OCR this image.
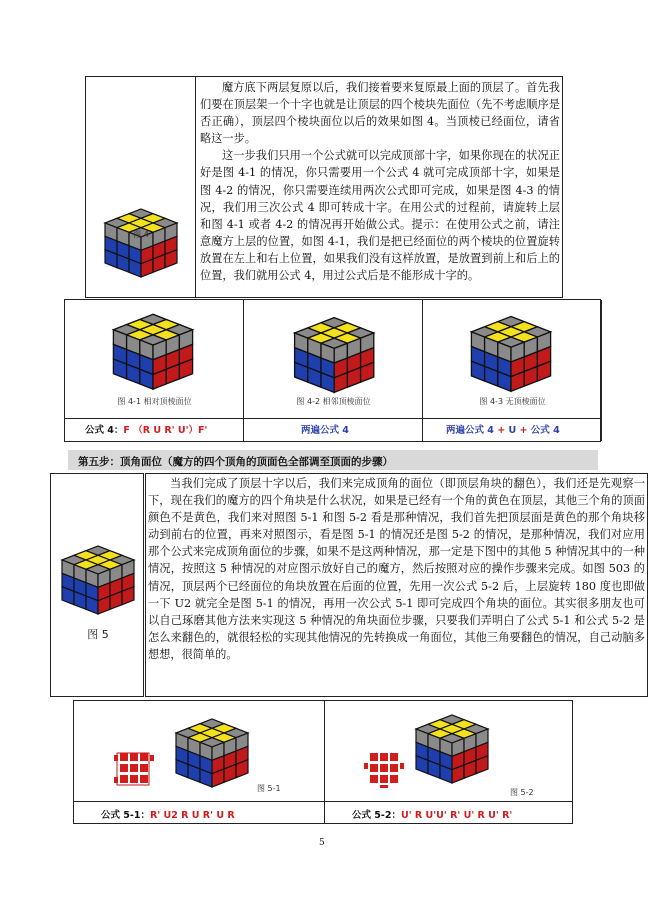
图 4

魔方底下两层复原以后，我们接着要来复原最上面的顶层了。首先我们要在顶层架一个十字也就是让顶层的四个棱块先面位（先不考虑顺序是否正确），顶层四个棱块面位以后的效果如图 4。当顶棱已经面位，请省略这一步。

这一步我们只用一个公式就可以完成顶部十字，如果你现在的状况正好是图 4-1 的情况，你只需要用一个公式 4 就可完成顶部十字，如果是图 4-2 的情况，你只需要连续用两次公式即可完成，如果是图 4-3 的情况，我们用三次公式 4 即可转成十字。在用公式的过程前，请旋转上层和图 4-1 或者 4-2 的情况再开始做公式。提示：在使用公式之前，请注意魔方上层的位置，如图 4-1，我们是把已经面位的两个棱块的位置旋转放置在左上和右上位置，如果我们没有这样放置，是放置到前上和后上的位置，我们就用公式 4，用过公式后是不能形成十字的。

图 4-1 相对顶棱面位	图 4-2 相邻顶棱面位	图 4-3 无顶棱面位
公式 4：F （R U R' U'）F'	两遍公式 4	两遍公式 4 + U + 公式 4
第五步：顶角面位（魔方的四个顶角的顶面色全部调至顶面的步骤）
图 5

当我们完成了顶层十字以后，我们来完成顶角的面位（即顶层角块的翻色），我们还是先观察一下，现在我们的魔方的四个角块是什么状况，如果是已经有一个角的黄色在顶层，其他三个角的顶面颜色不是黄色，我们来对照图 5-1 和图 5-2 看是那种情况，我们首先把顶层面是黄色的那个角块移动到前右的位置，再来对照图示，看是图 5-1 的情况还是图 5-2 的情况，是那种情况，我们对应用那个公式来完成顶角面位的步骤，如果不是这两种情况，那一定是下图中的其他 5 种情况其中的一种情况，按照这 5 种情况的对应图示放好自己的魔方，然后按照对应的操作步骤来完成。如图 503 的情况，顶层两个已经面位的角块放置在后面的位置，先用一次公式 5-2 后，上层旋转 180 度也即做一下 U2 就完全是图 5-1 的情况，再用一次公式 5-1 即可完成四个角块的面位。其实很多朋友也可以自己琢磨其他方法来实现这 5 种情况的角块面位步骤，只要我们弄明白了公式 5-1 和公式 5-2 是怎么来翻色的，就很轻松的实现其他情况的先转换成一角面位，其他三角要翻色的情况，自己动脑多想想，很简单的。

图 5-1	图 5-2
公式 5-1：R' U2 R U R' U R	公式 5-2：U' R U'U' R' U' R U' R'
5
